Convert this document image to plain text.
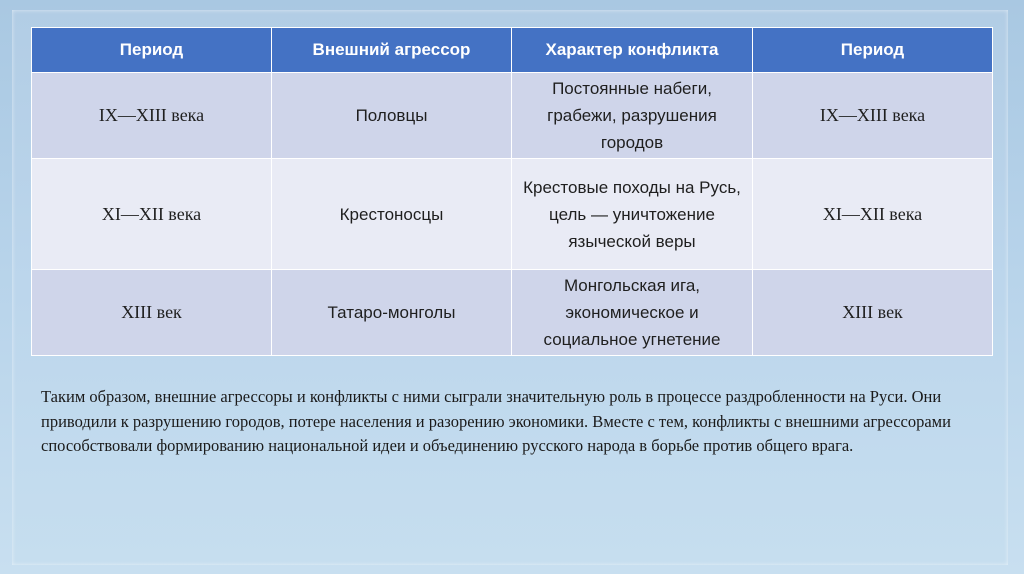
Период	Внешний агрессор	Характер конфликта	Период
IX—XIII века	Половцы	Постоянные набеги, грабежи, разрушения городов	IX—XIII века
XI—XII века	Крестоносцы	Крестовые походы на Русь, цель — уничтожение языческой веры	XI—XII века
XIII век	Татаро-монголы	Монгольская ига, экономическое и социальное угнетение	XIII век

Таким образом, внешние агрессоры и конфликты с ними сыграли значительную роль в процессе раздробленности на Руси. Они приводили к разрушению городов, потере населения и разорению экономики. Вместе с тем, конфликты с внешними агрессорами способствовали формированию национальной идеи и объединению русского народа в борьбе против общего врага.
